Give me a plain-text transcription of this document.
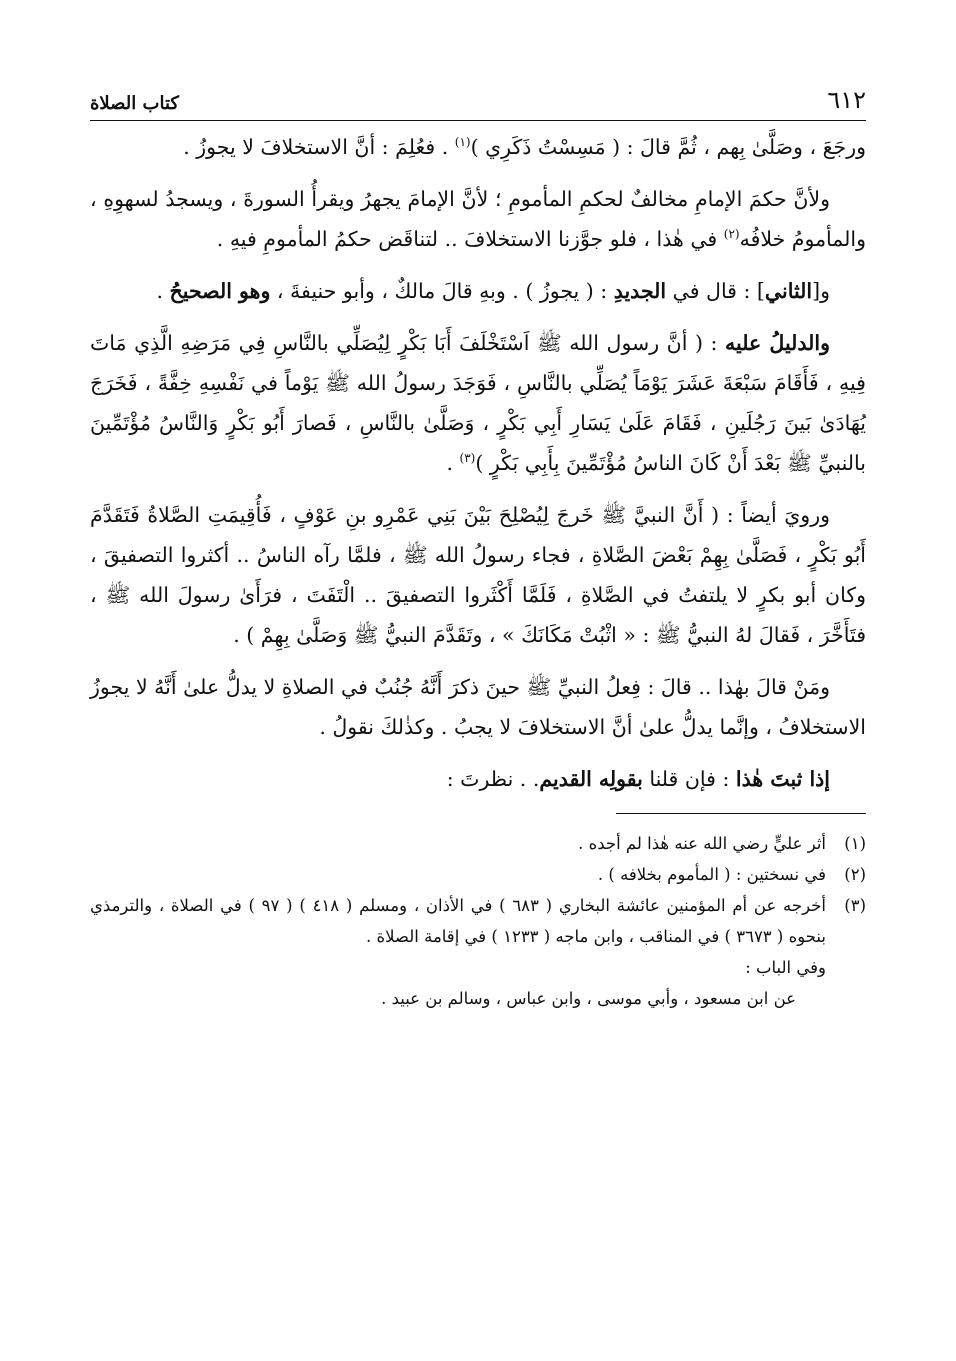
٦١٢
كتاب الصلاة

ورجَعَ ، وصَلَّىٰ بِهم ، ثُمَّ قالَ : ( مَسِسْتُ ذَكَرِي )$^{(١)}$ . فعُلِمَ : أنَّ الاستخلافَ لا يجوزُ .

ولأنَّ حكمَ الإمامِ مخالفٌ لحكمِ المأمومِ ؛ لأنَّ الإمامَ يجهرُ ويقرأُ السورةَ ، ويسجدُ لسهوِهِ ، والمأمومُ خلافُه$^{(٢)}$ في هٰذا ، فلو جوَّزنا الاستخلافَ .. لتناقَض حكمُ المأمومِ فيهِ .

و[الثاني] : قال في الجديدِ : ( يجوزُ ) . وبهِ قالَ مالكٌ ، وأبو حنيفةَ ، وهو الصحيحُ .

والدليلُ عليه : ( أنَّ رسول الله ﷺ اَسْتَخْلَفَ أَبَا بَكْرٍ لِيُصَلِّي بالنَّاسِ فِي مَرَضِهِ الَّذِي مَاتَ فِيهِ ، فَأَقَامَ سَبْعَةَ عَشَرَ يَوْمَاً يُصَلِّي بالنَّاسِ ، فَوَجَدَ رسولُ الله ﷺ يَوْماً في نَفْسِهِ خِفَّةً ، فَخَرَجَ يُهَادَىٰ بَينَ رَجُلَينِ ، فَقَامَ عَلَىٰ يَسَارِ أَبِي بَكْرٍ ، وَصَلَّىٰ بالنَّاسِ ، فَصارَ أَبُو بَكْرٍ وَالنَّاسُ مُؤْتَمِّينَ بالنبيِّ ﷺ بَعْدَ أَنْ كَانَ الناسُ مُؤْتَمِّينَ بِأَبِي بَكْرٍ )$^{(٣)}$ .

ورويَ أيضاً : ( أَنَّ النبيَّ ﷺ خَرجَ لِيُصْلِحَ بَيْنَ بَنِي عَمْرِو بنِ عَوْفٍ ، فَأُقِيمَتِ الصَّلاةُ فَتَقَدَّمَ أَبُو بَكْرٍ ، فَصَلَّىٰ بِهِمْ بَعْضَ الصَّلاةِ ، فجاء رسولُ الله ﷺ ، فلمَّا رآه الناسُ .. أكثروا التصفيقَ ، وكان أبو بكرٍ لا يلتفتُ في الصَّلاةِ ، فَلَمَّا أَكْثَروا التصفيقَ .. الْتَفَتَ ، فرَأَىٰ رسولَ الله ﷺ ، فتَأَخَّرَ ، فَقالَ لهُ النبيُّ ﷺ : « اثْبُتْ مَكَانَكَ » ، وتَقَدَّمَ النبيُّ ﷺ وَصَلَّىٰ بِهِمْ ) .

ومَنْ قالَ بهٰذا .. قالَ : فِعلُ النبيِّ ﷺ حينَ ذكرَ أَنَّهُ جُنُبٌ في الصلاةِ لا يدلُّ علىٰ أَنَّهُ لا يجوزُ الاستخلافُ ، وإنَّما يدلُّ علىٰ أنَّ الاستخلافَ لا يجبُ . وكذٰلكَ نقولُ .

إذا ثبتَ هٰذا : فإن قلنا بقولِه القديم. . نظرتَ :

(١)
أثر عليٍّ رضي الله عنه هٰذا لم أجده .
(٢)
في نسختين : ( المأموم بخلافه ) .
(٣)
أخرجه عن أم المؤمنين عائشة البخاري ( ٦٨٣ ) في الأذان ، ومسلم ( ٤١٨ ) ( ٩٧ ) في الصلاة ، والترمذي بنحوه ( ٣٦٧٣ ) في المناقب ، وابن ماجه ( ١٢٣٣ ) في إقامة الصلاة .
وفي الباب :
عن ابن مسعود ، وأبي موسى ، وابن عباس ، وسالم بن عبيد .
